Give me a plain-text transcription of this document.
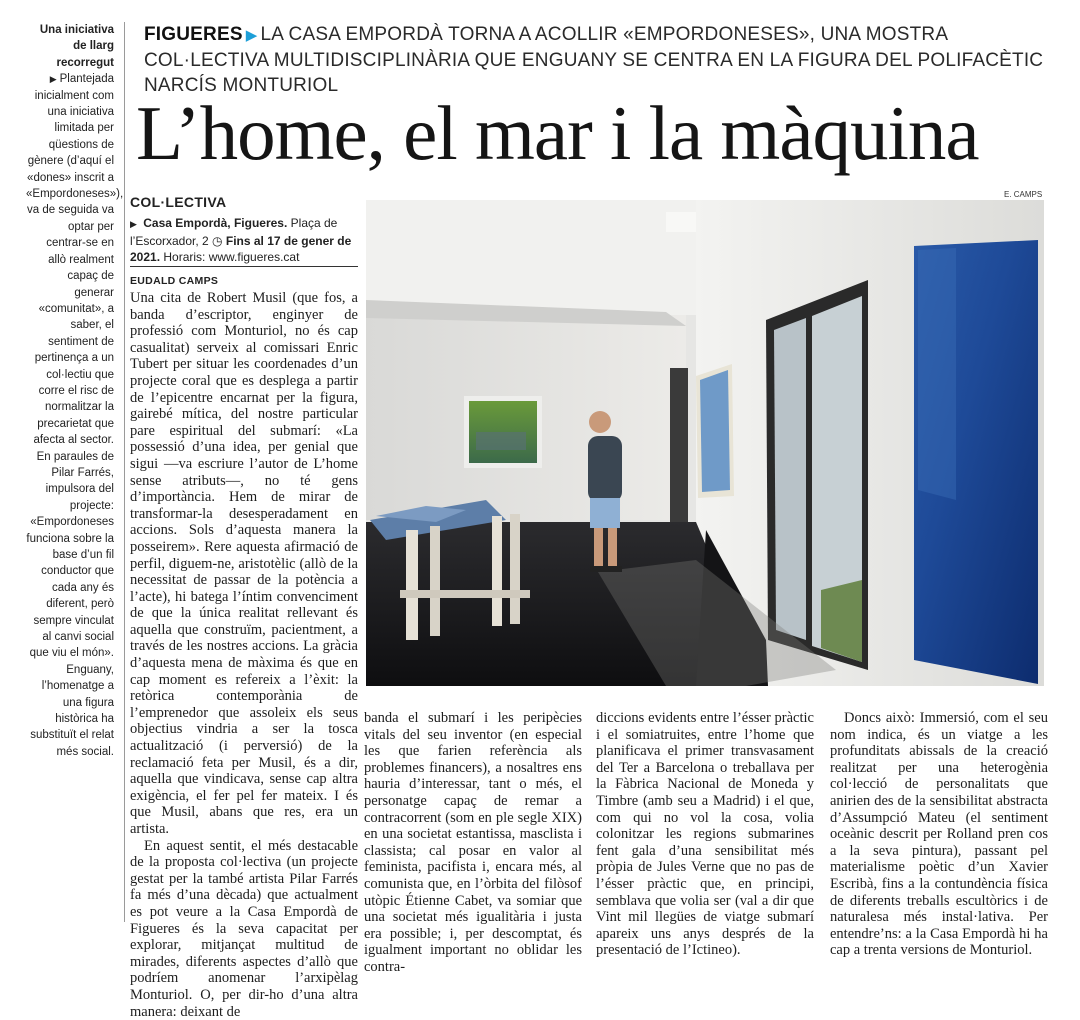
FIGUERES ▶ LA CASA EMPORDÀ TORNA A ACOLLIR «EMPORDONESES», UNA MOSTRA COL·LECTIVA MULTIDISCIPLINÀRIA QUE ENGUANY SE CENTRA EN LA FIGURA DEL POLIFACÈTIC NARCÍS MONTURIOL
L’home, el mar i la màquina
Una iniciativa de llarg recorregut
▶ Plantejada inicialment com una iniciativa limitada per qüestions de gènere (d’aquí el «dones» inscrit a «Empordoneses»), va de seguida va optar per centrar-se en allò realment capaç de generar «comunitat», a saber, el sentiment de pertinença a un col·lectiu que corre el risc de normalitzar la precarietat que afecta al sector. En paraules de Pilar Farrés, impulsora del projecte: «Empordoneses funciona sobre la base d’un fil conductor que cada any és diferent, però sempre vinculat al canvi social que viu el món». Enguany, l’homenatge a una figura històrica ha substituït el relat més social.
COL·LECTIVA
▶ Casa Empordà, Figueres. Plaça de l’Escorxador, 2 ◷ Fins al 17 de gener de 2021. Horaris: www.figueres.cat
EUDALD CAMPS
E. CAMPS

Una cita de Robert Musil (que fos, a banda d’escriptor, enginyer de professió com Monturiol, no és cap casualitat) serveix al comissari Enric Tubert per situar les coordenades d’un projecte coral que es desplega a partir de l’epicentre encarnat per la figura, gairebé mítica, del nostre particular pare espiritual del submarí: «La possessió d’una idea, per genial que sigui —va escriure l’autor de L’home sense atributs—, no té gens d’importància. Hem de mirar de transformar-la desesperadament en accions. Sols d’aquesta manera la posseirem». Rere aquesta afirmació de perfil, diguem-ne, aristotèlic (allò de la necessitat de passar de la potència a l’acte), hi batega l’íntim convenciment de que la única realitat rellevant és aquella que construïm, pacientment, a través de les nostres accions. La gràcia d’aquesta mena de màxima és que en cap moment es refereix a l’èxit: la retòrica contemporània de l’emprenedor que assoleix els seus objectius vindria a ser la tosca actualització (i perversió) de la reclamació feta per Musil, és a dir, aquella que vindicava, sense cap altra exigència, el fer pel fer mateix. I és que Musil, abans que res, era un artista.

En aquest sentit, el més destacable de la proposta col·lectiva (un projecte gestat per la també artista Pilar Farrés fa més d’una dècada) que actualment es pot veure a la Casa Empordà de Figueres és la seva capacitat per explorar, mitjançat multitud de mirades, diferents aspectes d’allò que podríem anomenar l’arxipèlag Monturiol. O, per dir-ho d’una altra manera: deixant de

banda el submarí i les peripècies vitals del seu inventor (en especial les que farien referència als problemes financers), a nosaltres ens hauria d’interessar, tant o més, el personatge capaç de remar a contracorrent (som en ple segle XIX) en una societat estantissa, masclista i classista; cal posar en valor al feminista, pacifista i, encara més, al comunista que, en l’òrbita del filòsof utòpic Étienne Cabet, va somiar que una societat més igualitària i justa era possible; i, per descomptat, és igualment important no oblidar les contra-

diccions evidents entre l’ésser pràctic i el somiatruites, entre l’home que planificava el primer transvasament del Ter a Barcelona o treballava per la Fàbrica Nacional de Moneda y Timbre (amb seu a Madrid) i el que, com qui no vol la cosa, volia colonitzar les regions submarines fent gala d’una sensibilitat més pròpia de Jules Verne que no pas de l’ésser pràctic que, en principi, semblava que volia ser (val a dir que Vint mil llegües de viatge submarí apareix uns anys després de la presentació de l’Ictineo).

Doncs això: Immersió, com el seu nom indica, és un viatge a les profunditats abissals de la creació realitzat per una heterogènia col·lecció de personalitats que anirien des de la sensibilitat abstracta d’Assumpció Mateu (el sentiment oceànic descrit per Rolland pren cos a la seva pintura), passant pel materialisme poètic d’un Xavier Escribà, fins a la contundència física de diferents treballs escultòrics i de naturalesa més instal·lativa. Per entendre’ns: a la Casa Empordà hi ha cap a trenta versions de Monturiol.
